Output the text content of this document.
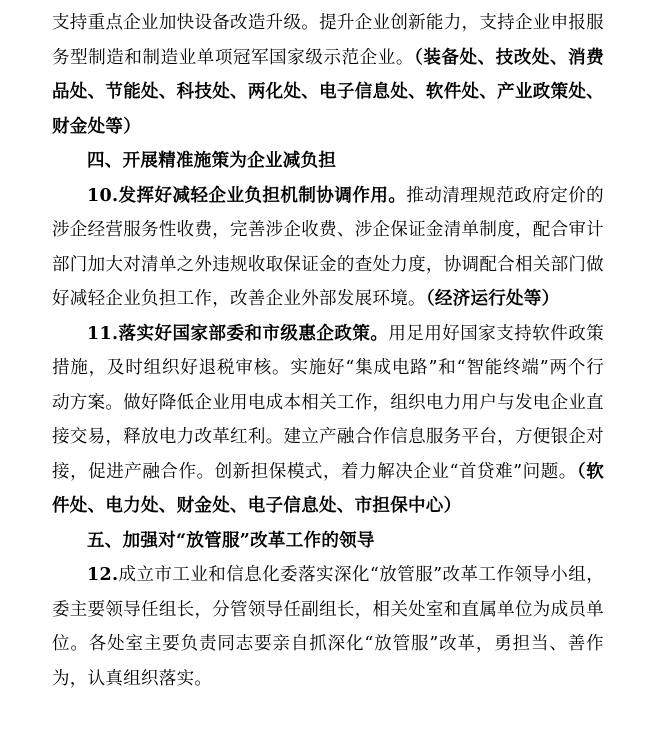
支持重点企业加快设备改造升级。提升企业创新能力，支持企业申报服务型制造和制造业单项冠军国家级示范企业。（装备处、技改处、消费品处、节能处、科技处、两化处、电子信息处、软件处、产业政策处、财金处等）

四、开展精准施策为企业减负担

10.发挥好减轻企业负担机制协调作用。推动清理规范政府定价的涉企经营服务性收费，完善涉企收费、涉企保证金清单制度，配合审计部门加大对清单之外违规收取保证金的查处力度，协调配合相关部门做好减轻企业负担工作，改善企业外部发展环境。（经济运行处等）

11.落实好国家部委和市级惠企政策。用足用好国家支持软件政策措施，及时组织好退税审核。实施好“集成电路”和“智能终端”两个行动方案。做好降低企业用电成本相关工作，组织电力用户与发电企业直接交易，释放电力改革红利。建立产融合作信息服务平台，方便银企对接，促进产融合作。创新担保模式，着力解决企业“首贷难”问题。（软件处、电力处、财金处、电子信息处、市担保中心）

五、加强对“放管服”改革工作的领导

12.成立市工业和信息化委落实深化“放管服”改革工作领导小组，委主要领导任组长，分管领导任副组长，相关处室和直属单位为成员单位。各处室主要负责同志要亲自抓深化“放管服”改革，勇担当、善作为，认真组织落实。
